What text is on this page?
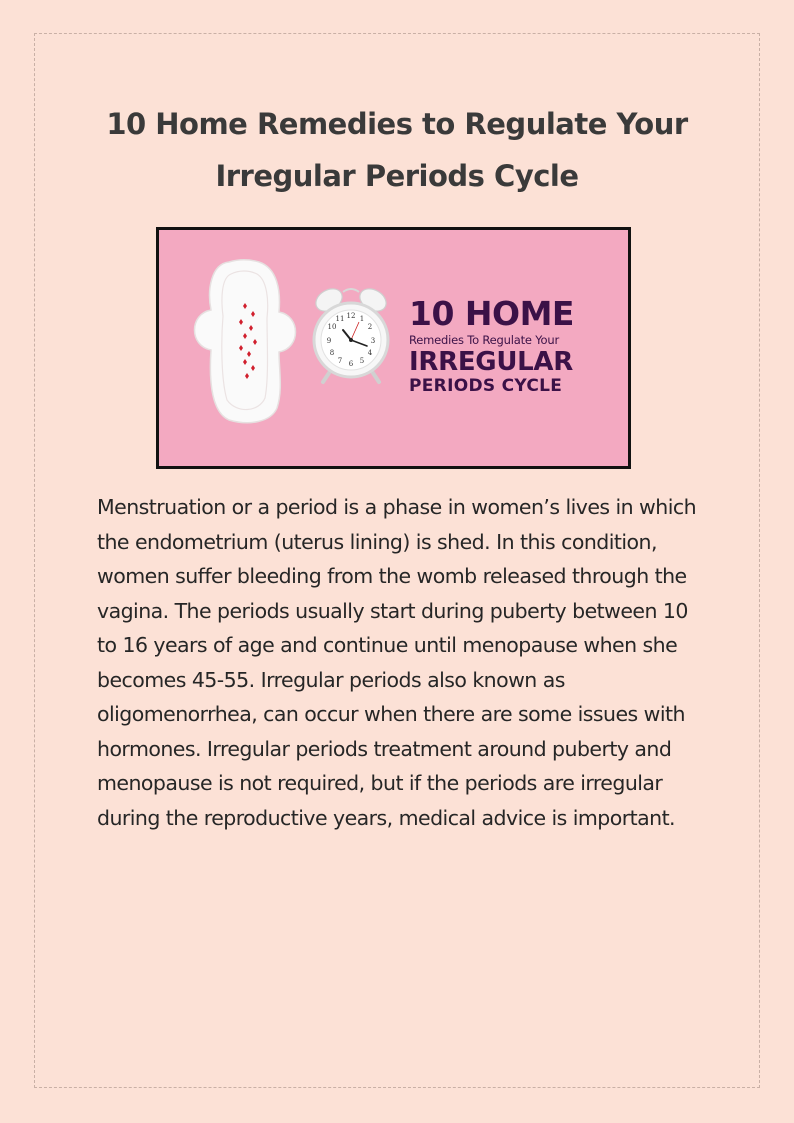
10 Home Remedies to Regulate Your
Irregular Periods Cycle
12 1
2
3
4
5
6
7
8
9
10
11 10 HOME
Remedies To Regulate Your
IRREGULAR
PERIODS CYCLE

Menstruation or a period is a phase in women’s lives in which the endometrium (uterus lining) is shed. In this condition, women suffer bleeding from the womb released through the vagina. The periods usually start during puberty between 10 to 16 years of age and continue until menopause when she becomes 45-55. Irregular periods also known as oligomenorrhea, can occur when there are some issues with hormones. Irregular periods treatment around puberty and menopause is not required, but if the periods are irregular during the reproductive years, medical advice is important.
